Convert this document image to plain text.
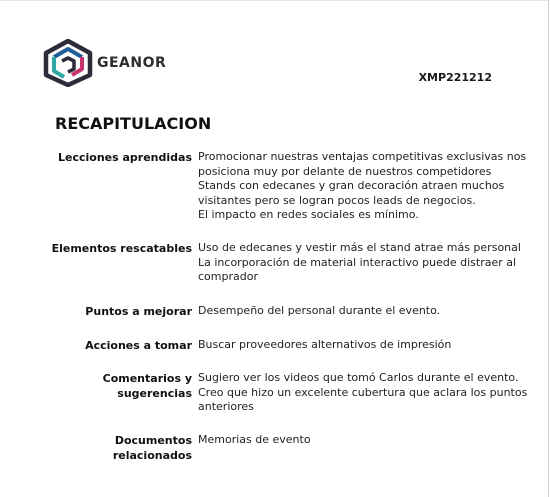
GEANOR
XMP221212
RECAPITULACION
Lecciones aprendidas Promocionar nuestras ventajas competitivas exclusivas nos
posiciona muy por delante de nuestros competidores
Stands con edecanes y gran decoración atraen muchos
visitantes pero se logran pocos leads de negocios.
El impacto en redes sociales es mínimo.
Elementos rescatables Uso de edecanes y vestir más el stand atrae más personal
La incorporación de material interactivo puede distraer al
comprador
Puntos a mejorar Desempeño del personal durante el evento.
Acciones a tomar Buscar proveedores alternativos de impresión
Comentarios y
sugerencias
Sugiero ver los videos que tomó Carlos durante el evento.
Creo que hizo un excelente cubertura que aclara los puntos
anteriores
Documentos
relacionados
Memorias de evento
